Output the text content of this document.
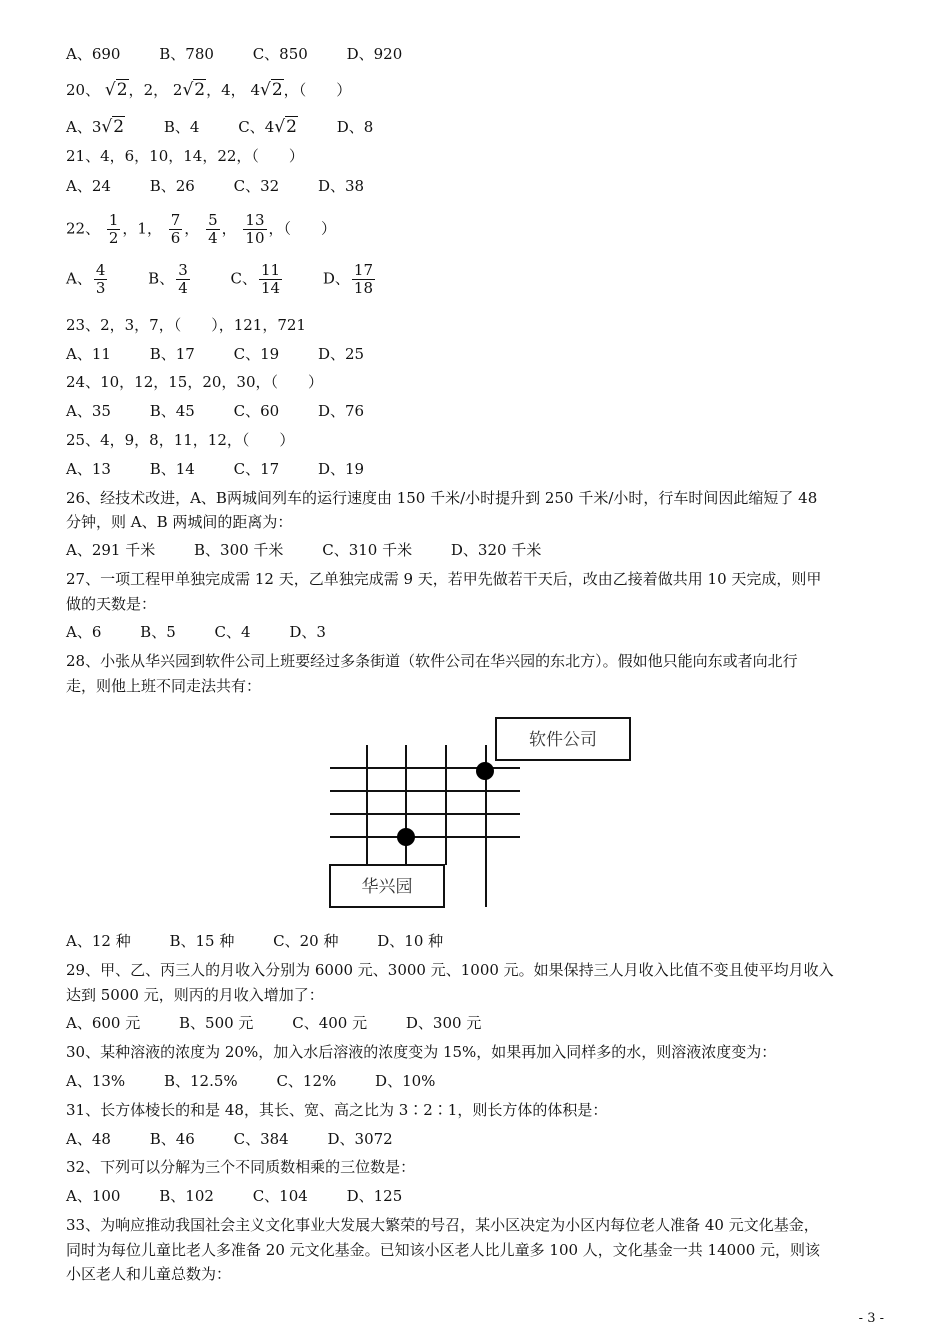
A、690	B、780	C、850	D、920
20、 √2，2， 2√2，4， 4√2，（　　）
A、3√2	B、4	C、4√2	D、8
21、4，6，10，14，22，（　　）
A、24	B、26	C、32	D、38
22、 $\frac{1}{2}$ ，1， $\frac{7}{6}$ ， $\frac{5}{4}$ ， $\frac{13}{10}$ ，（　　）
A、 $\frac{4}{3}$	B、 $\frac{3}{4}$	C、 $\frac{11}{14}$	D、 $\frac{17}{18}$
23、2，3，7，（　　），121，721
A、11	B、17	C、19	D、25
24、10，12，15，20，30，（　　）
A、35	B、45	C、60	D、76
25、4，9，8，11，12，（　　）
A、13	B、14	C、17	D、19
26、经技术改进，A、B两城间列车的运行速度由 150 千米/小时提升到 250 千米/小时，行车时间因此缩短了 48
分钟，则 A、B 两城间的距离为：
A、291 千米	B、300 千米	C、310 千米	D、320 千米
27、一项工程甲单独完成需 12 天，乙单独完成需 9 天，若甲先做若干天后，改由乙接着做共用 10 天完成，则甲
做的天数是：
A、6	B、5	C、4	D、3
28、小张从华兴园到软件公司上班要经过多条街道（软件公司在华兴园的东北方）。假如他只能向东或者向北行
走，则他上班不同走法共有：
软件公司
华兴园
A、12 种	B、15 种	C、20 种	D、10 种
29、甲、乙、丙三人的月收入分别为 6000 元、3000 元、1000 元。如果保持三人月收入比值不变且使平均月收入
达到 5000 元，则丙的月收入增加了：
A、600 元	B、500 元	C、400 元	D、300 元
30、某种溶液的浓度为 20%，加入水后溶液的浓度变为 15%，如果再加入同样多的水，则溶液浓度变为：
A、13%	B、12.5%	C、12%	D、10%
31、长方体棱长的和是 48，其长、宽、高之比为 3∶2∶1，则长方体的体积是：
A、48	B、46	C、384	D、3072
32、下列可以分解为三个不同质数相乘的三位数是：
A、100	B、102	C、104	D、125
33、为响应推动我国社会主义文化事业大发展大繁荣的号召，某小区决定为小区内每位老人准备 40 元文化基金，
同时为每位儿童比老人多准备 20 元文化基金。已知该小区老人比儿童多 100 人，文化基金一共 14000 元，则该
小区老人和儿童总数为：
- 3 -
